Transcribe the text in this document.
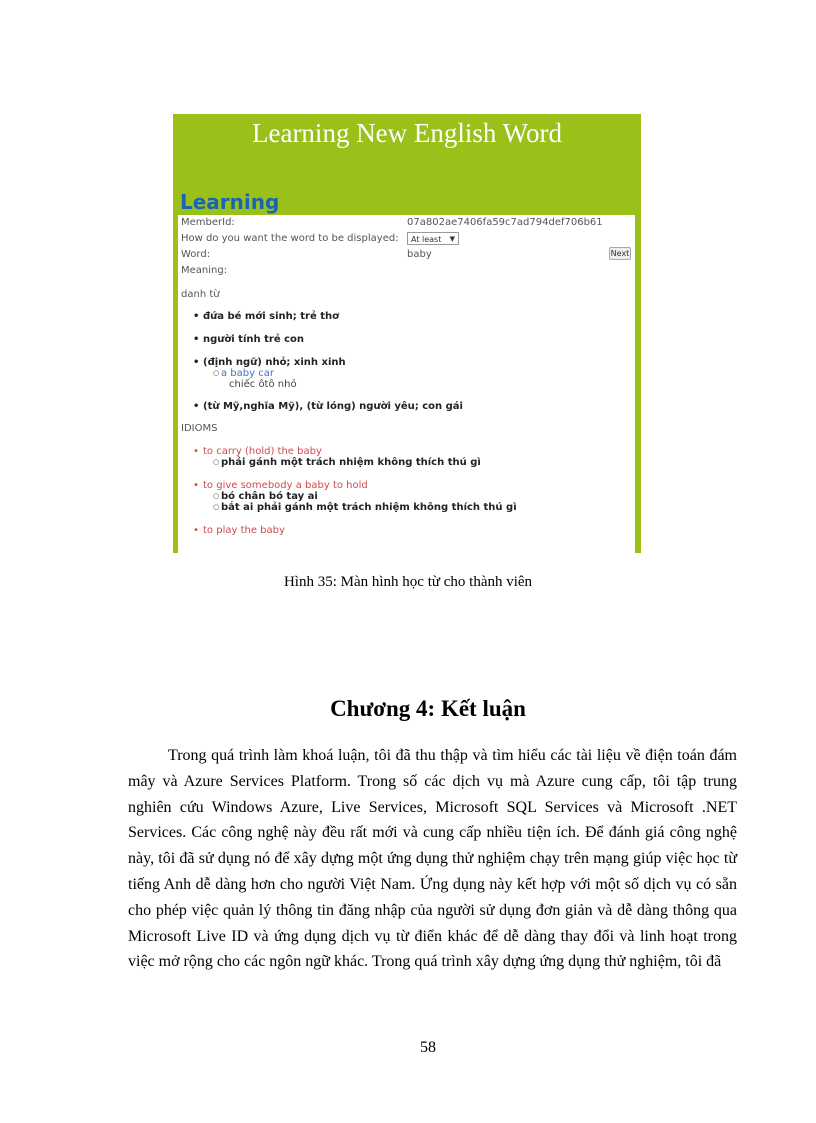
Learning New English Word
Learning
MemberId:	07a802ae7406fa59c7ad794def706b61
How do you want the word to be displayed:	At least ▼
Word:	baby	Next
Meaning:
danh từ
• đứa bé mới sinh; trẻ thơ
• người tính trẻ con
• (định ngữ) nhỏ; xinh xinh
○ a baby car
chiếc ôtô nhỏ
• (từ Mỹ,nghĩa Mỹ), (từ lóng) người yêu; con gái
IDIOMS
• to carry (hold) the baby
○ phải gánh một trách nhiệm không thích thú gì
• to give somebody a baby to hold
○ bó chân bó tay ai
○ bắt ai phải gánh một trách nhiệm không thích thú gì
• to play the baby
Hình 35: Màn hình học từ cho thành viên
Chương 4: Kết luận

Trong quá trình làm khoá luận, tôi đã thu thập và tìm hiểu các tài liệu về điện toán đám mây và Azure Services Platform. Trong số các dịch vụ mà Azure cung cấp, tôi tập trung nghiên cứu Windows Azure, Live Services, Microsoft SQL Services và Microsoft .NET Services. Các công nghệ này đều rất mới và cung cấp nhiều tiện ích. Để đánh giá công nghệ này, tôi đã sử dụng nó để xây dựng một ứng dụng thử nghiệm chạy trên mạng giúp việc học từ tiếng Anh dễ dàng hơn cho người Việt Nam. Ứng dụng này kết hợp với một số dịch vụ có sẵn cho phép việc quản lý thông tin đăng nhập của người sử dụng đơn giản và dễ dàng thông qua Microsoft Live ID và ứng dụng dịch vụ từ điển khác để dễ dàng thay đổi và linh hoạt trong việc mở rộng cho các ngôn ngữ khác. Trong quá trình xây dựng ứng dụng thử nghiệm, tôi đã

58
